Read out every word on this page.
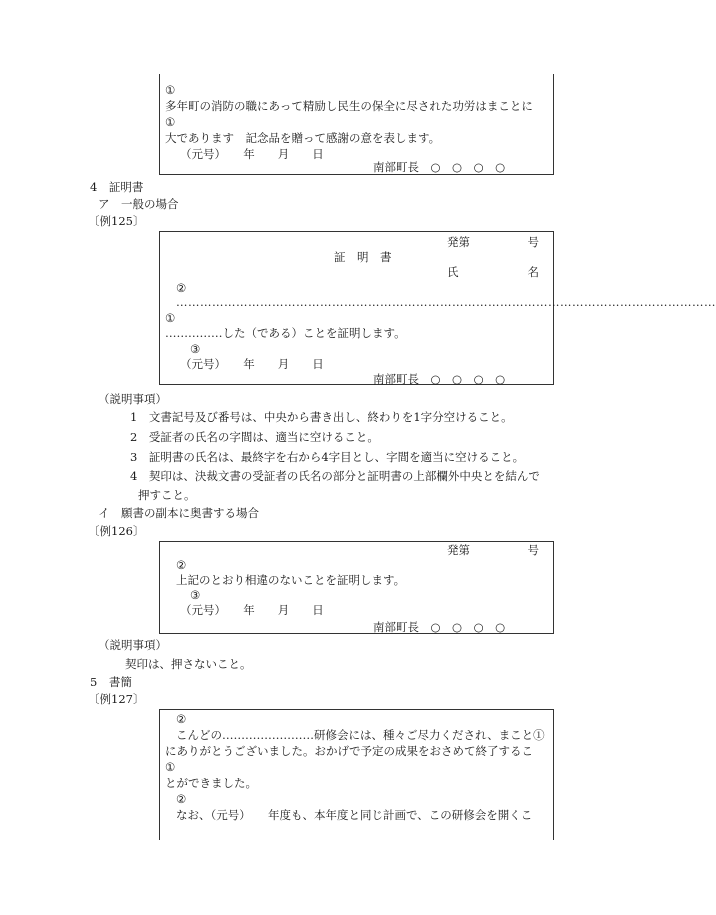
①
多年町の消防の職にあって精励し民生の保全に尽された功労はまことに
①
大であります　記念品を贈って感謝の意を表します。
（元号）　　年　　月　　日
南部町長　○　○　○　○
4　証明書
ア　一般の場合
〔例125〕
発第　　　　　号
証　明　書
氏　　　　　　名
②
………………………………………………………………………………………………………………………
①
……………した（である）ことを証明します。
③
（元号）　　年　　月　　日
南部町長　○　○　○　○
（説明事項）
1　文書記号及び番号は、中央から書き出し、終わりを1字分空けること。
2　受証者の氏名の字間は、適当に空けること。
3　証明書の氏名は、最終字を右から4字目とし、字間を適当に空けること。
4　契印は、決裁文書の受証者の氏名の部分と証明書の上部欄外中央とを結んで
押すこと。
イ　願書の副本に奥書する場合
〔例126〕
発第　　　　　号
②
上記のとおり相違のないことを証明します。
③
（元号）　　年　　月　　日
南部町長　○　○　○　○
（説明事項）
契印は、押さないこと。
5　書簡
〔例127〕
②
こんどの……………………研修会には、種々ご尽力くだされ、まこと①
にありがとうございました。おかげで予定の成果をおさめて終了するこ
①
とができました。
②
なお、（元号）　　年度も、本年度と同じ計画で、この研修会を開くこ
